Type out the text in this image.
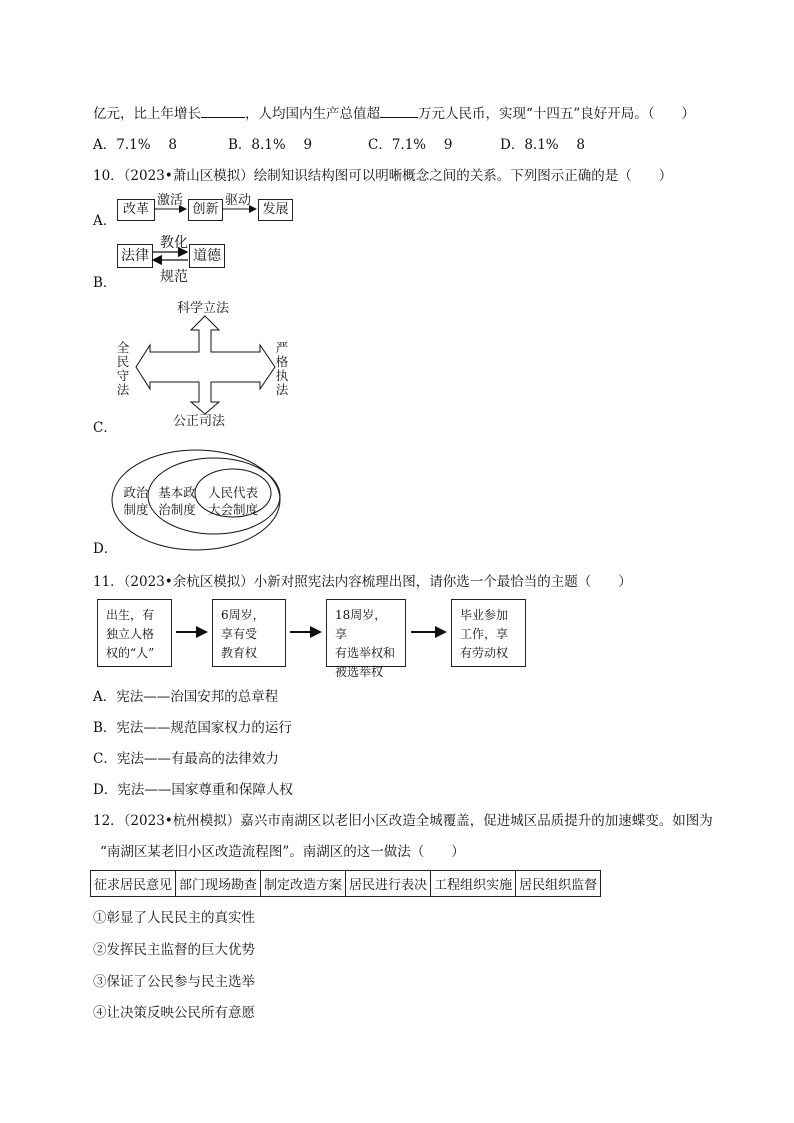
亿元，比上年增长	，人均国内生产总值超	万元人民币，实现“十四五”良好开局。（　　）
A．7.1%　 8	B．8.1%　 9	C．7.1%　 9	D．8.1%　 8
10．（2023•萧山区模拟）绘制知识结构图可以明晰概念之间的关系。下列图示正确的是（　　）
A．
改革	创新	发展
激活	驱动
B．
法律	道德
教化
规范
C．
科学立法
公正司法
全
民
守
法
严
格
执
法
D．
政治
制度
基本政
治制度
人民代表
大会制度
11．（2023•余杭区模拟）小新对照宪法内容梳理出图，请你选一个最恰当的主题（　　）
出生，有
独立人格
权的“人”
6周岁，
享有受
教育权
18周岁，享
有选举权和
被选举权
毕业参加
工作，享
有劳动权
A．宪法——治国安邦的总章程
B．宪法——规范国家权力的运行
C．宪法——有最高的法律效力
D．宪法——国家尊重和保障人权
12．（2023•杭州模拟）嘉兴市南湖区以老旧小区改造全城覆盖，促进城区品质提升的加速蝶变。如图为
“南湖区某老旧小区改造流程图”。南湖区的这一做法（　　）
征求居民意见	部门现场勘查	制定改造方案	居民进行表决	工程组织实施	居民组织监督
①彰显了人民民主的真实性
②发挥民主监督的巨大优势
③保证了公民参与民主选举
④让决策反映公民所有意愿
